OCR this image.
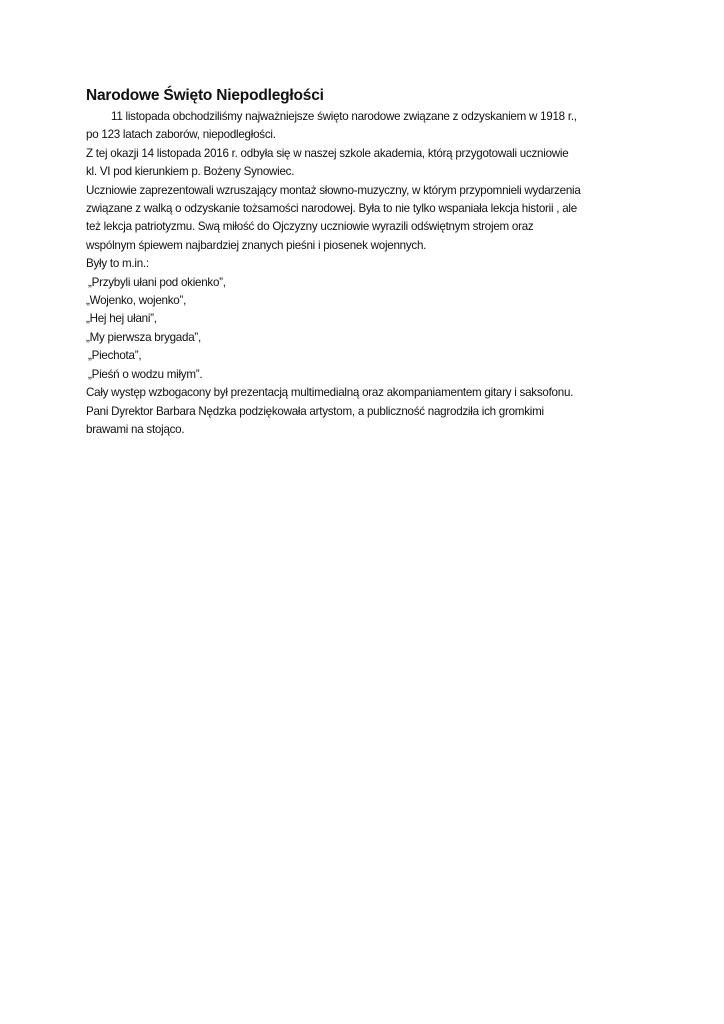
Narodowe Święto Niepodległości

11 listopada obchodziliśmy najważniejsze święto narodowe związane z odzyskaniem w 1918 r.,

po 123 latach zaborów, niepodległości.

Z tej okazji 14 listopada 2016 r. odbyła się w naszej szkole akademia, którą przygotowali uczniowie

kl. VI pod kierunkiem p. Bożeny Synowiec.

Uczniowie zaprezentowali wzruszający montaż słowno-muzyczny, w którym przypomnieli wydarzenia

związane z walką o odzyskanie tożsamości narodowej. Była to nie tylko wspaniała lekcja historii , ale

też lekcja patriotyzmu. Swą miłość do Ojczyzny uczniowie wyrazili odświętnym strojem oraz

wspólnym śpiewem najbardziej znanych pieśni i piosenek wojennych.

Były to m.in.:

„Przybyli ułani pod okienko”,

„Wojenko, wojenko”,

„Hej hej ułani”,

„My pierwsza brygada”,

„Piechota”,

„Pieśń o wodzu miłym”.

Cały występ wzbogacony był prezentacją multimedialną oraz akompaniamentem gitary i saksofonu.

Pani Dyrektor Barbara Nędzka podziękowała artystom, a publiczność nagrodziła ich gromkimi

brawami na stojąco.
